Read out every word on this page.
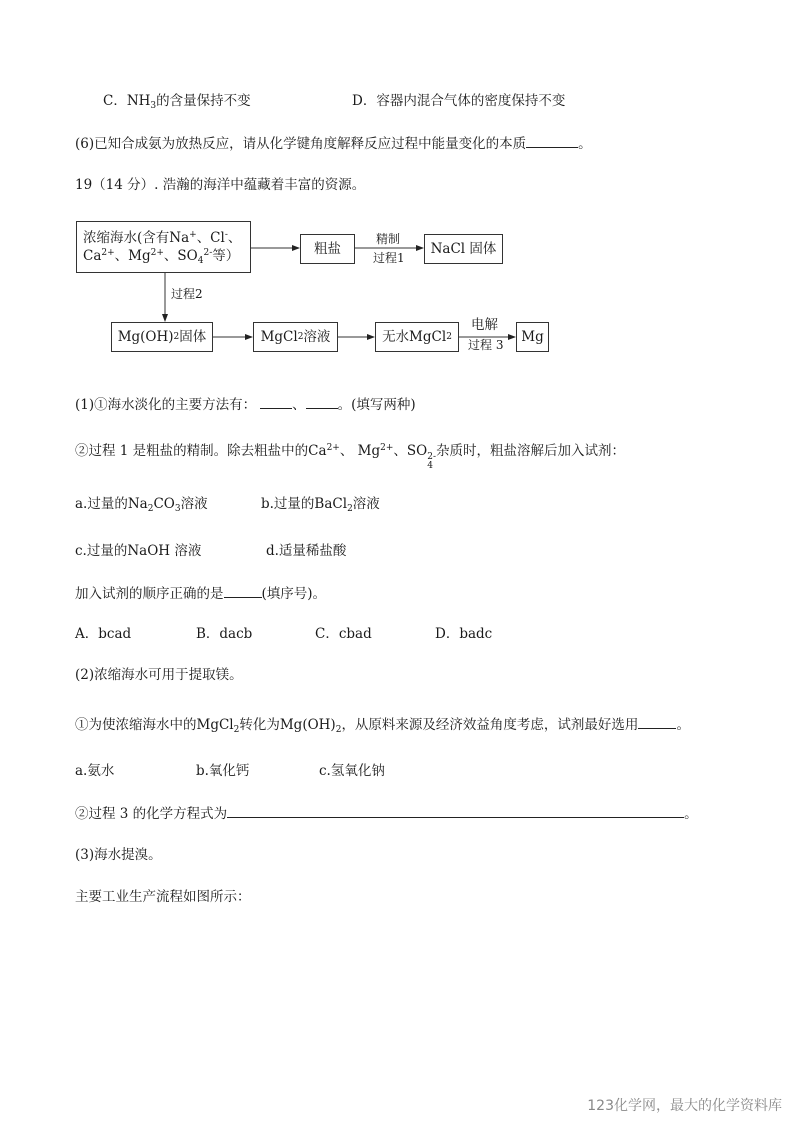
C．$NH_3$的含量保持不变	D．容器内混合气体的密度保持不变
(6)已知合成氨为放热反应，请从化学键角度解释反应过程中能量变化的本质	。
19（14 分）. 浩瀚的海洋中蕴藏着丰富的资源。
浓缩海水(含有Na+、Cl-、
$Ca^{2+}$、$Mg^{2+}$、$SO_4^{2-}$等）	粗盐
精制
过程1
NaCl 固体
过程2
Mg(OH) 2 固体	MgCl 2 溶液	无水MgCl 2
电解
过程 3	Mg
(1)①海水淡化的主要方法有：	、 。(填写两种)
②过程 1 是粗盐的精制。除去粗盐中的$Ca^{2+}$、 $Mg^{2+}$、SO 2-
4
杂质时，粗盐溶解后加入试剂：
a.过量的$Na_2CO_3$溶液	b.过量的BaCl$_2$溶液
c.过量的NaOH 溶液	d.适量稀盐酸
加入试剂的顺序正确的是	(填序号)。
A．bcad	B．dacb	C．cbad	D．badc
(2)浓缩海水可用于提取镁。
①为使浓缩海水中的MgCl$_2$转化为$Mg(OH)_2$，从原料来源及经济效益角度考虑，试剂最好选用	。
a.氨水	b.氧化钙	c.氢氧化钠
②过程 3 的化学方程式为	。
(3)海水提溴。
主要工业生产流程如图所示：
123化学网，最大的化学资料库
